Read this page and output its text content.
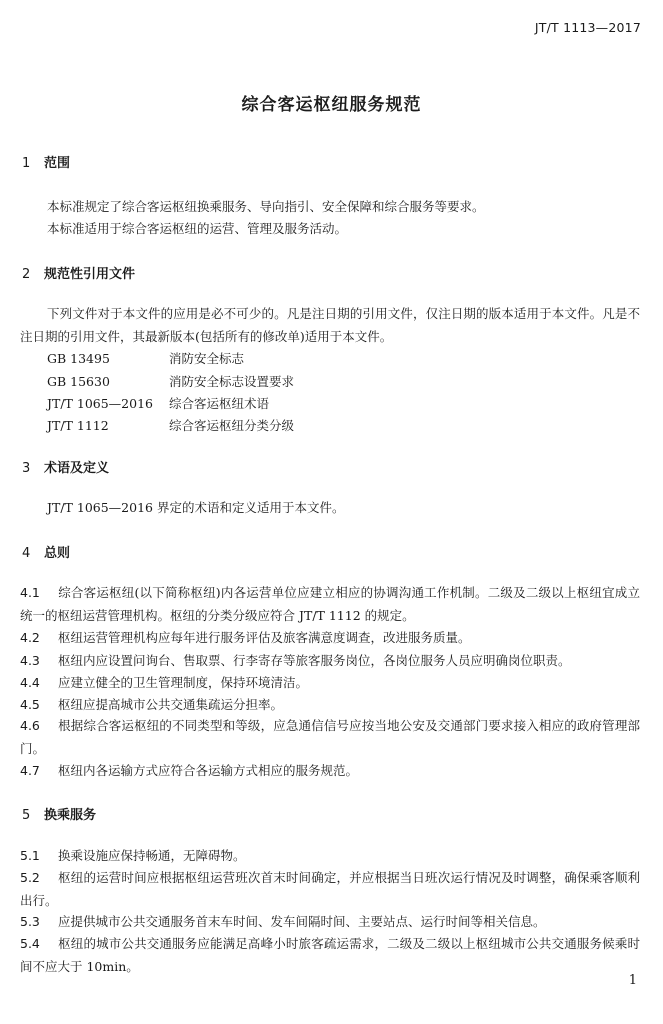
JT/T 1113—2017
综合客运枢纽服务规范
1 范围
本标准规定了综合客运枢纽换乘服务、导向指引、安全保障和综合服务等要求。
本标准适用于综合客运枢纽的运营、管理及服务活动。
2 规范性引用文件
下列文件对于本文件的应用是必不可少的。凡是注日期的引用文件，仅注日期的版本适用于本文件。凡是不注日期的引用文件，其最新版本(包括所有的修改单)适用于本文件。
GB 13495	消防安全标志
GB 15630	消防安全标志设置要求
JT/T 1065—2016 综合客运枢纽术语
JT/T 1112	综合客运枢纽分类分级
3 术语及定义
JT/T 1065—2016 界定的术语和定义适用于本文件。
4 总则
4.1 综合客运枢纽(以下简称枢纽)内各运营单位应建立相应的协调沟通工作机制。二级及二级以上枢纽宜成立统一的枢纽运营管理机构。枢纽的分类分级应符合 JT/T 1112 的规定。
4.2 枢纽运营管理机构应每年进行服务评估及旅客满意度调查，改进服务质量。
4.3 枢纽内应设置问询台、售取票、行李寄存等旅客服务岗位，各岗位服务人员应明确岗位职责。
4.4 应建立健全的卫生管理制度，保持环境清洁。
4.5 枢纽应提高城市公共交通集疏运分担率。
4.6 根据综合客运枢纽的不同类型和等级，应急通信信号应按当地公安及交通部门要求接入相应的政府管理部门。
4.7 枢纽内各运输方式应符合各运输方式相应的服务规范。
5 换乘服务
5.1 换乘设施应保持畅通，无障碍物。
5.2 枢纽的运营时间应根据枢纽运营班次首末时间确定，并应根据当日班次运行情况及时调整，确保乘客顺利出行。
5.3 应提供城市公共交通服务首末车时间、发车间隔时间、主要站点、运行时间等相关信息。
5.4 枢纽的城市公共交通服务应能满足高峰小时旅客疏运需求，二级及二级以上枢纽城市公共交通服务候乘时间不应大于 10min。
1
